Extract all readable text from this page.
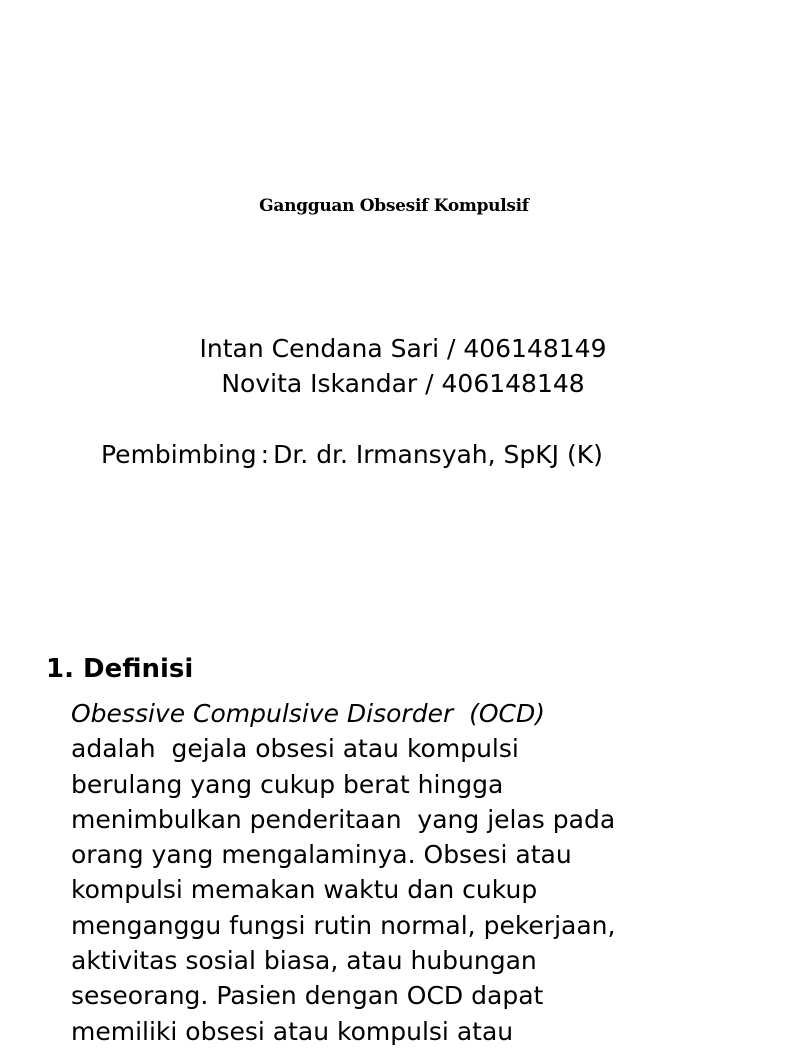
Gangguan Obsesif Kompulsif
Intan Cendana Sari / 406148149
Novita Iskandar / 406148148
Pembimbing : Dr. dr. Irmansyah, SpKJ (K)
1. Definisi
Obessive Compulsive Disorder  (OCD)
adalah  gejala obsesi atau kompulsi
berulang yang cukup berat hingga
menimbulkan penderitaan  yang jelas pada
orang yang mengalaminya. Obsesi atau
kompulsi memakan waktu dan cukup
menganggu fungsi rutin normal, pekerjaan,
aktivitas sosial biasa, atau hubungan
seseorang. Pasien dengan OCD dapat
memiliki obsesi atau kompulsi atau
